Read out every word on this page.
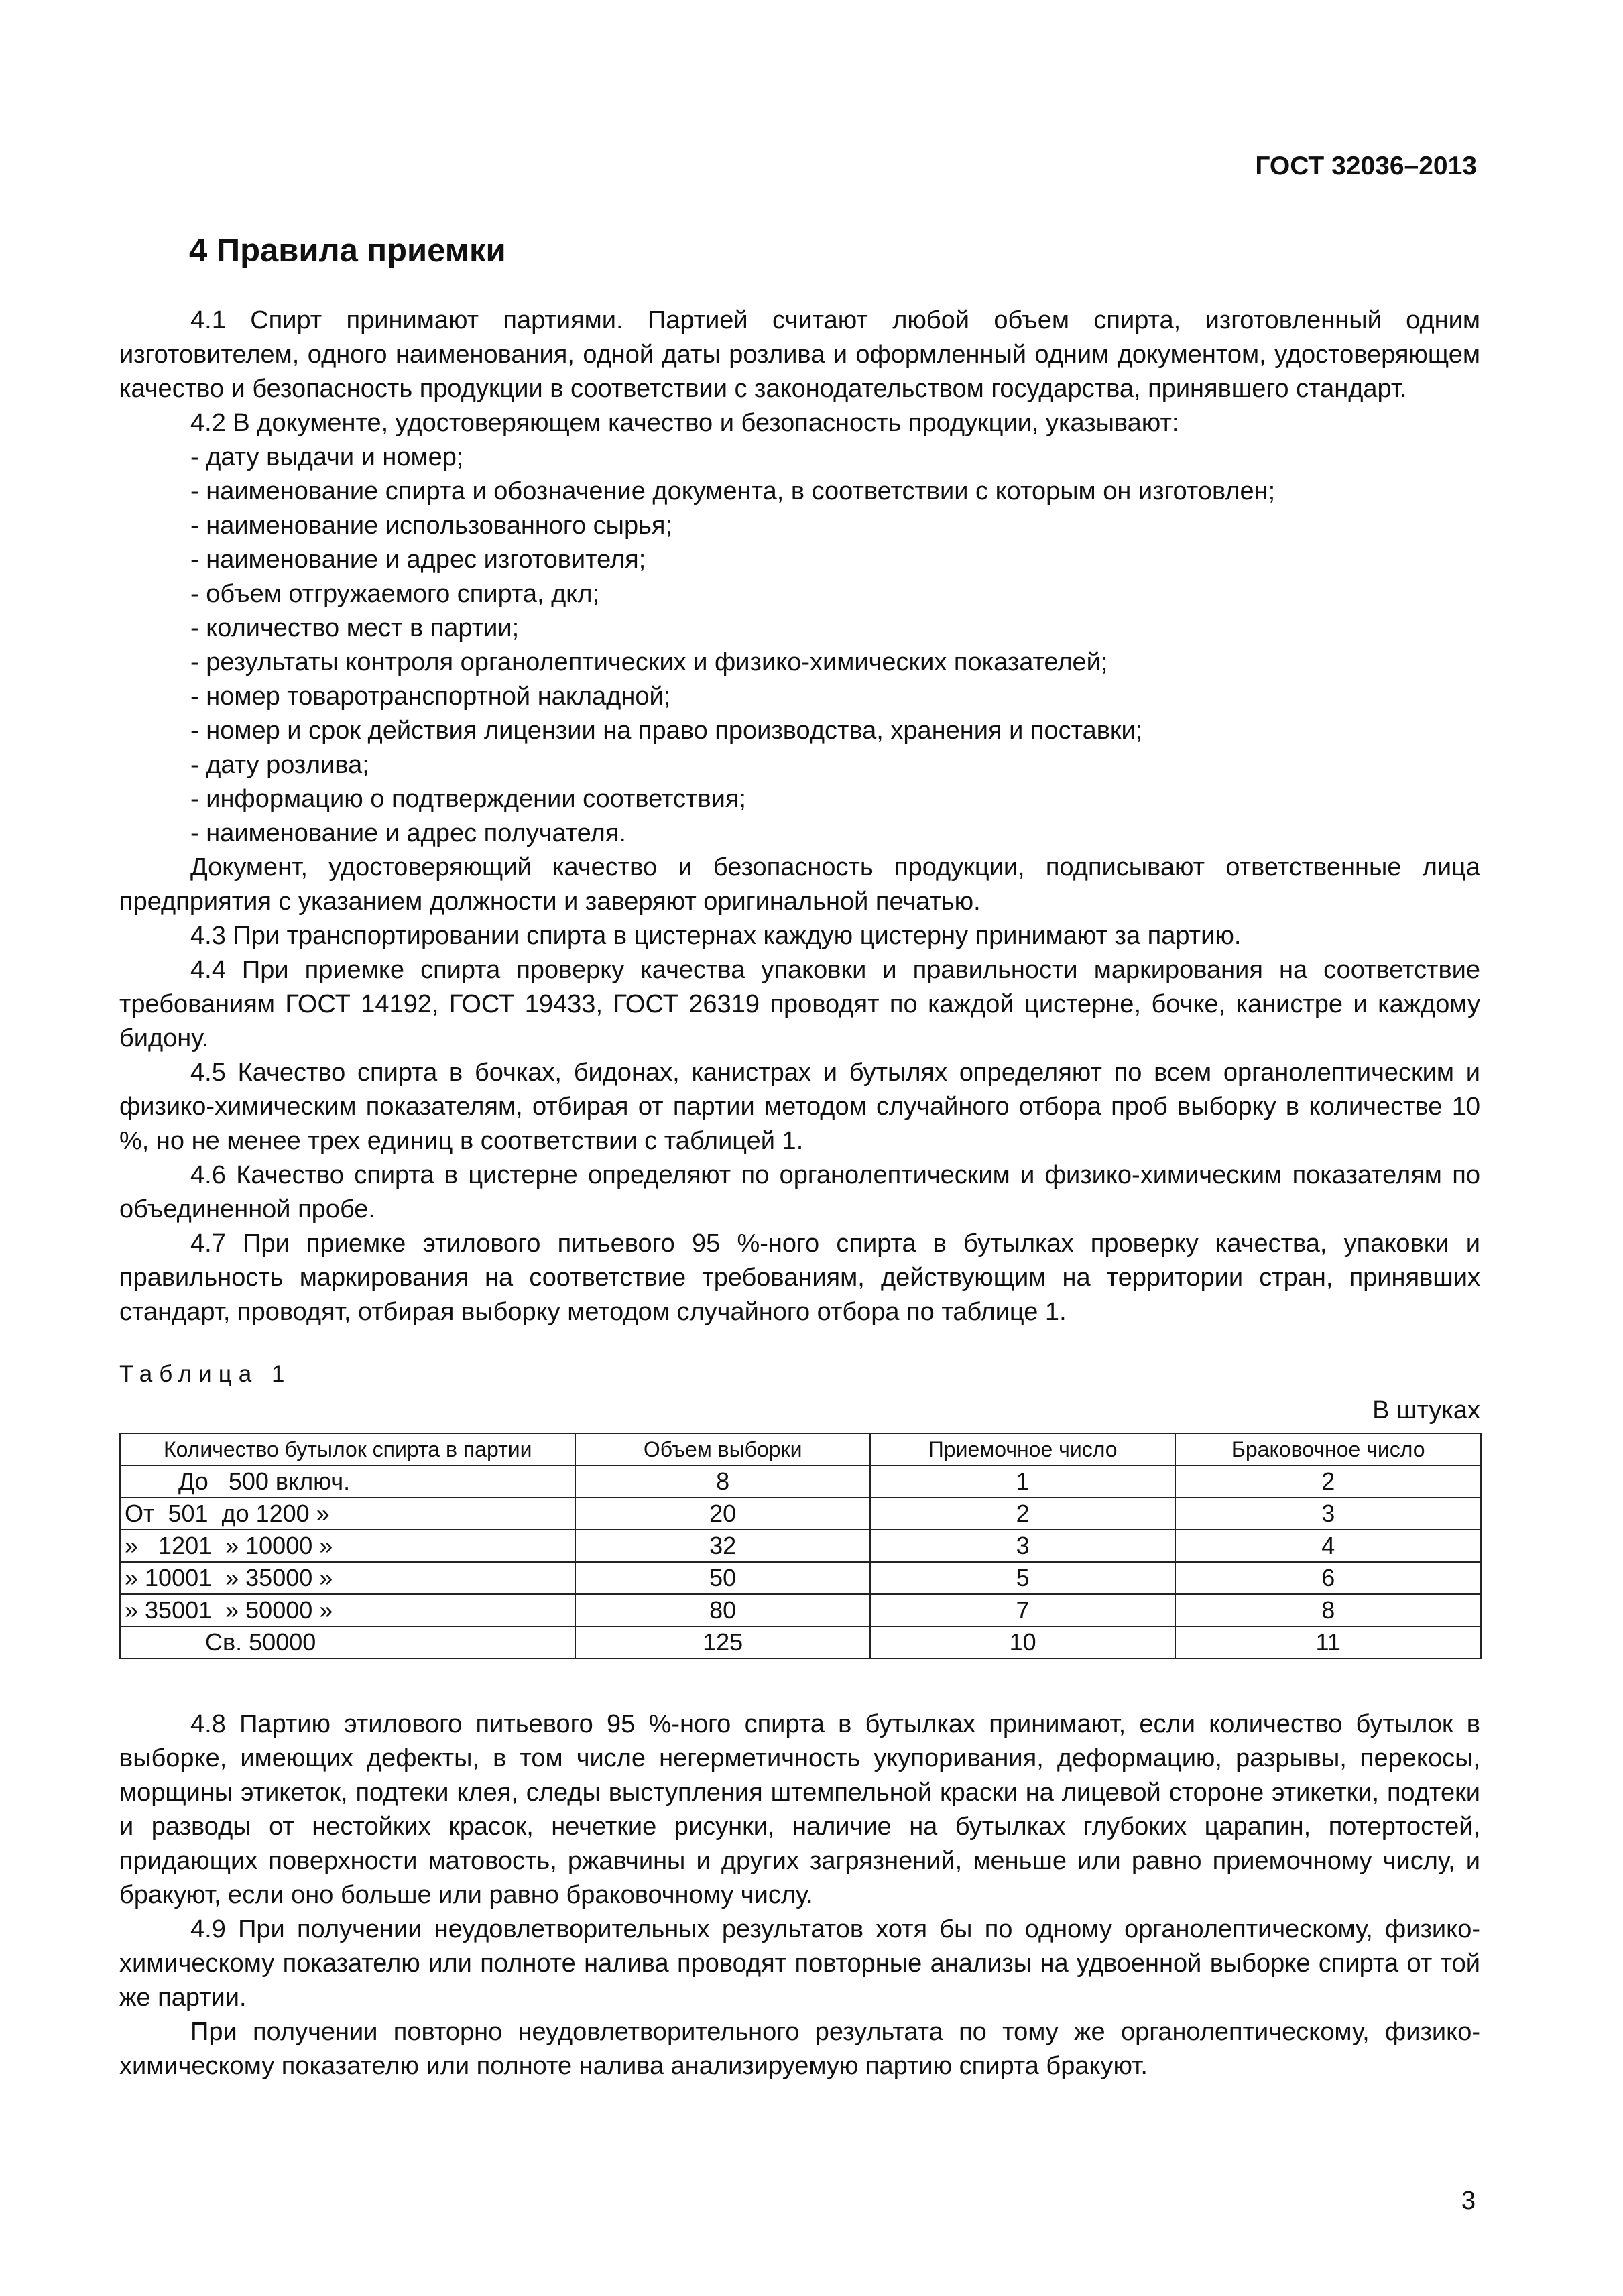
ГОСТ 32036–2013
4 Правила приемки

4.1 Спирт принимают партиями. Партией считают любой объем спирта, изготовленный одним изготовителем, одного наименования, одной даты розлива и оформленный одним документом, удостоверяющем качество и безопасность продукции в соответствии с законодательством государства, принявшего стандарт.

4.2 В документе, удостоверяющем качество и безопасность продукции, указывают:

- дату выдачи и номер;

- наименование спирта и обозначение документа, в соответствии с которым он изготовлен;

- наименование использованного сырья;

- наименование и адрес изготовителя;

- объем отгружаемого спирта, дкл;

- количество мест в партии;

- результаты контроля органолептических и физико-химических показателей;

- номер товаротранспортной накладной;

- номер и срок действия лицензии на право производства, хранения и поставки;

- дату розлива;

- информацию о подтверждении соответствия;

- наименование и адрес получателя.

Документ, удостоверяющий качество и безопасность продукции, подписывают ответственные лица предприятия с указанием должности и заверяют оригинальной печатью.

4.3 При транспортировании спирта в цистернах каждую цистерну принимают за партию.

4.4 При приемке спирта проверку качества упаковки и правильности маркирования на соответствие требованиям ГОСТ 14192, ГОСТ 19433, ГОСТ 26319 проводят по каждой цистерне, бочке, канистре и каждому бидону.

4.5 Качество спирта в бочках, бидонах, канистрах и бутылях определяют по всем органолептическим и физико-химическим показателям, отбирая от партии методом случайного отбора проб выборку в количестве 10 %, но не менее трех единиц в соответствии с таблицей 1.

4.6 Качество спирта в цистерне определяют по органолептическим и физико-химическим показателям по объединенной пробе.

4.7 При приемке этилового питьевого 95 %-ного спирта в бутылках проверку качества, упаковки и правильность маркирования на соответствие требованиям, действующим на территории стран, принявших стандарт, проводят, отбирая выборку методом случайного отбора по таблице 1.

Таблица 1
В штуках
Количество бутылок спирта в партии	Объем выборки	Приемочное число	Браковочное число
До   500 включ.	8	1	2
От  501  до 1200 »	20	2	3
»   1201  » 10000 »	32	3	4
» 10001  » 35000 »	50	5	6
» 35001  » 50000 »	80	7	8
Св. 50000	125	10	11

4.8 Партию этилового питьевого 95 %-ного спирта в бутылках принимают, если количество бутылок в выборке, имеющих дефекты, в том числе негерметичность укупоривания, деформацию, разрывы, перекосы, морщины этикеток, подтеки клея, следы выступления штемпельной краски на лицевой стороне этикетки, подтеки и разводы от нестойких красок, нечеткие рисунки, наличие на бутылках глубоких царапин, потертостей, придающих поверхности матовость, ржавчины и других загрязнений, меньше или равно приемочному числу, и бракуют, если оно больше или равно браковочному числу.

4.9 При получении неудовлетворительных результатов хотя бы по одному органолептическому, физико-химическому показателю или полноте налива проводят повторные анализы на удвоенной выборке спирта от той же партии.

При получении повторно неудовлетворительного результата по тому же органолептическому, физико-химическому показателю или полноте налива анализируемую партию спирта бракуют.

3
